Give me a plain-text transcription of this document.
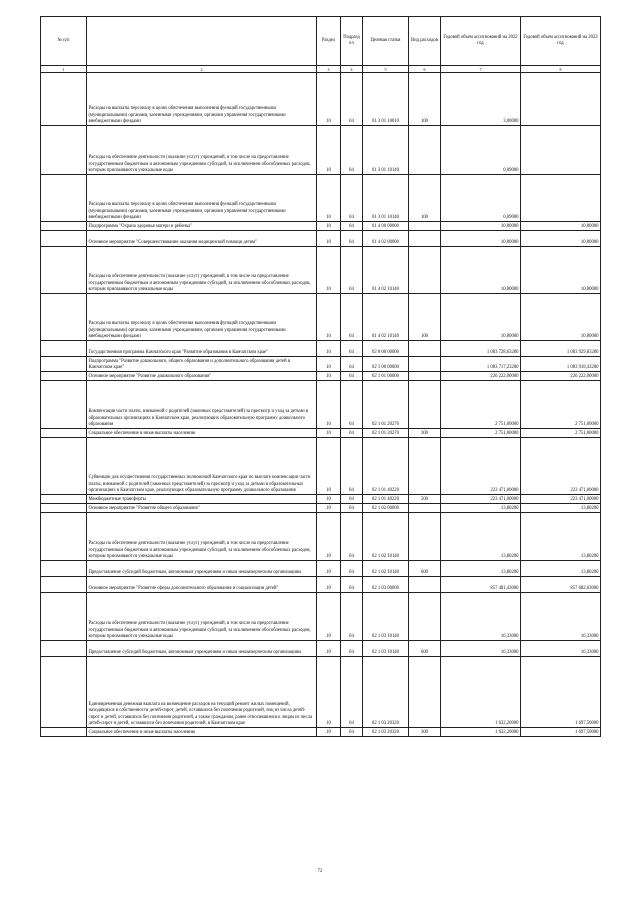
№ п/п		Раздел	Подраздел	Целевая статья	Вид расходов	Годовой объем ассигнований на 2022 год	Годовой объем ассигнований на 2023 год
1	2	3	4	5	6	7	8
	Расходы на выплаты персоналу в целях обеспечения выполнения функций государственными (муниципальными) органами, казенными учреждениями, органами управления государственными внебюджетными фондами	10	04	01 3 01 10010	100	3,00000	
	Расходы на обеспечение деятельности (оказание услуг) учреждений, в том числе на предоставление государственным бюджетным и автономным учреждениям субсидий, за исключением обособленных расходов, которым присваиваются уникальные коды	10	04	01 3 01 10140		0,09000	
	Расходы на выплаты персоналу в целях обеспечения выполнения функций государственными (муниципальными) органами, казенными учреждениями, органами управления государственными внебюджетными фондами	10	04	01 3 01 10140	100	0,09000	
	Подпрограмма "Охрана здоровья матери и ребенка"	10	04	01 4 00 00000		10,80000	10,80000
	Основное мероприятие "Совершенствование оказания медицинской помощи детям"	10	04	01 4 02 00000		10,80000	10,80000
	Расходы на обеспечение деятельности (оказание услуг) учреждений, в том числе на предоставление государственным бюджетным и автономным учреждениям субсидий, за исключением обособленных расходов, которым присваиваются уникальные коды	10	04	01 4 02 10140		10,80000	10,80000
	Расходы на выплаты персоналу в целях обеспечения выполнения функций государственными (муниципальными) органами, казенными учреждениями, органами управления государственными внебюджетными фондами	10	04	01 4 02 10140	100	10,80000	10,80000
	Государственная программа Камчатского края "Развитие образования в Камчатском крае"	10	04	02 0 00 00000		1 083 728,63200	1 083 929,83200
	Подпрограмма "Развитие дошкольного, общего образования и дополнительного образования детей в Камчатском крае"	10	04	02 1 00 00000		1 083 717,23200	1 083 918,43200
	Основное мероприятие "Развитие дошкольного образования"	10	04	02 1 01 00000		226 222,00000	226 222,00000
	Компенсация части платы, взимаемой с родителей (законных представителей) за присмотр и уход за детьми в образовательных организациях в Камчатском крае, реализующих образовательную программу дошкольного образования	10	04	02 1 01 20270		2 751,00000	2 751,00000
	Социальное обеспечение и иные выплаты населению	10	04	02 1 01 20270	300	2 751,00000	2 751,00000
	Субвенции для осуществления государственных полномочий Камчатского края по выплате компенсации части платы, взимаемой с родителей (законных представителей) за присмотр и уход за детьми в образовательных организациях в Камчатском крае, реализующих образовательную программу дошкольного образования	10	04	02 1 01 40220		223 471,00000	223 471,00000
	Межбюджетные трансферты	10	04	02 1 01 40220	500	223 471,00000	223 471,00000
	Основное мероприятие "Развитие общего образования"	10	04	02 1 02 00000		13,80200	13,80200
	Расходы на обеспечение деятельности (оказание услуг) учреждений, в том числе на предоставление государственным бюджетным и автономным учреждениям субсидий, за исключением обособленных расходов, которым присваиваются уникальные коды	10	04	02 1 02 10140		13,80200	13,80200
	Предоставление субсидий бюджетным, автономным учреждениям и иным некоммерческим организациям	10	04	02 1 02 10140	600	13,80200	13,80200
	Основное мероприятие "Развитие сферы дополнительного образования и социализации детей"	10	04	02 1 03 00000		857 481,43000	857 682,63000
	Расходы на обеспечение деятельности (оказание услуг) учреждений, в том числе на предоставление государственным бюджетным и автономным учреждениям субсидий, за исключением обособленных расходов, которым присваиваются уникальные коды	10	04	02 1 03 10140		16,33000	16,33000
	Предоставление субсидий бюджетным, автономным учреждениям и иным некоммерческим организациям	10	04	02 1 03 10140	600	16,33000	16,33000
	Единовременная денежная выплата на возмещение расходов на текущий ремонт жилых помещений, находящихся в собственности детей-сирот, детей, оставшихся без попечения родителей, лиц из числа детей-сирот и детей, оставшихся без попечения родителей, а также гражданам, ранее относившимся к лицам из числа детей-сирот и детей, оставшихся без попечения родителей, в Камчатском крае	10	04	02 1 03 20320		1 632,20000	1 697,50000
	Социальное обеспечение и иные выплаты населению	10	04	02 1 03 20320	300	1 632,20000	1 697,50000
72
